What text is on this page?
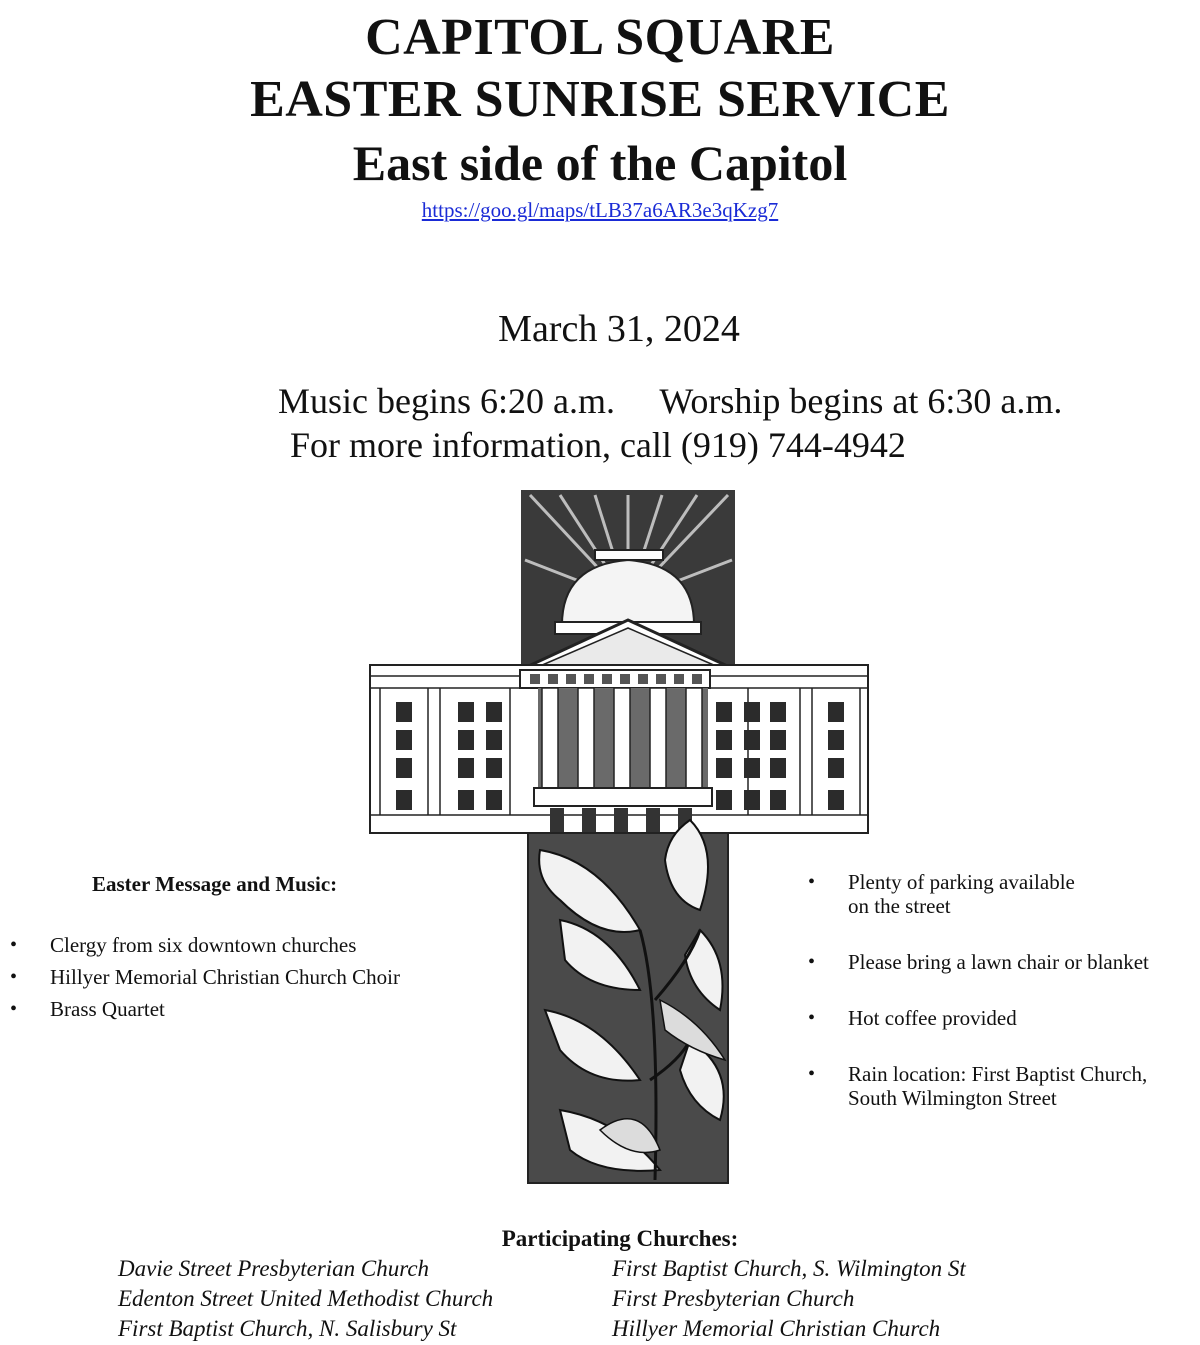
CAPITOL SQUARE
EASTER SUNRISE SERVICE
East side of the Capitol
https://goo.gl/maps/tLB37a6AR3e3qKzg7
March 31, 2024
Music begins 6:20 a.m.     Worship begins at 6:30 a.m.
For more information, call (919) 744-4942
Easter Message and Music:
• Clergy from six downtown churches
• Hillyer Memorial Christian Church Choir
• Brass Quartet
• Plenty of parking available
on the street
• Please bring a lawn chair or blanket
• Hot coffee provided
• Rain location: First Baptist Church,
South Wilmington Street
Participating Churches:
Davie Street Presbyterian Church
Edenton Street United Methodist Church
First Baptist Church, N. Salisbury St
First Baptist Church, S. Wilmington St
First Presbyterian Church
Hillyer Memorial Christian Church
